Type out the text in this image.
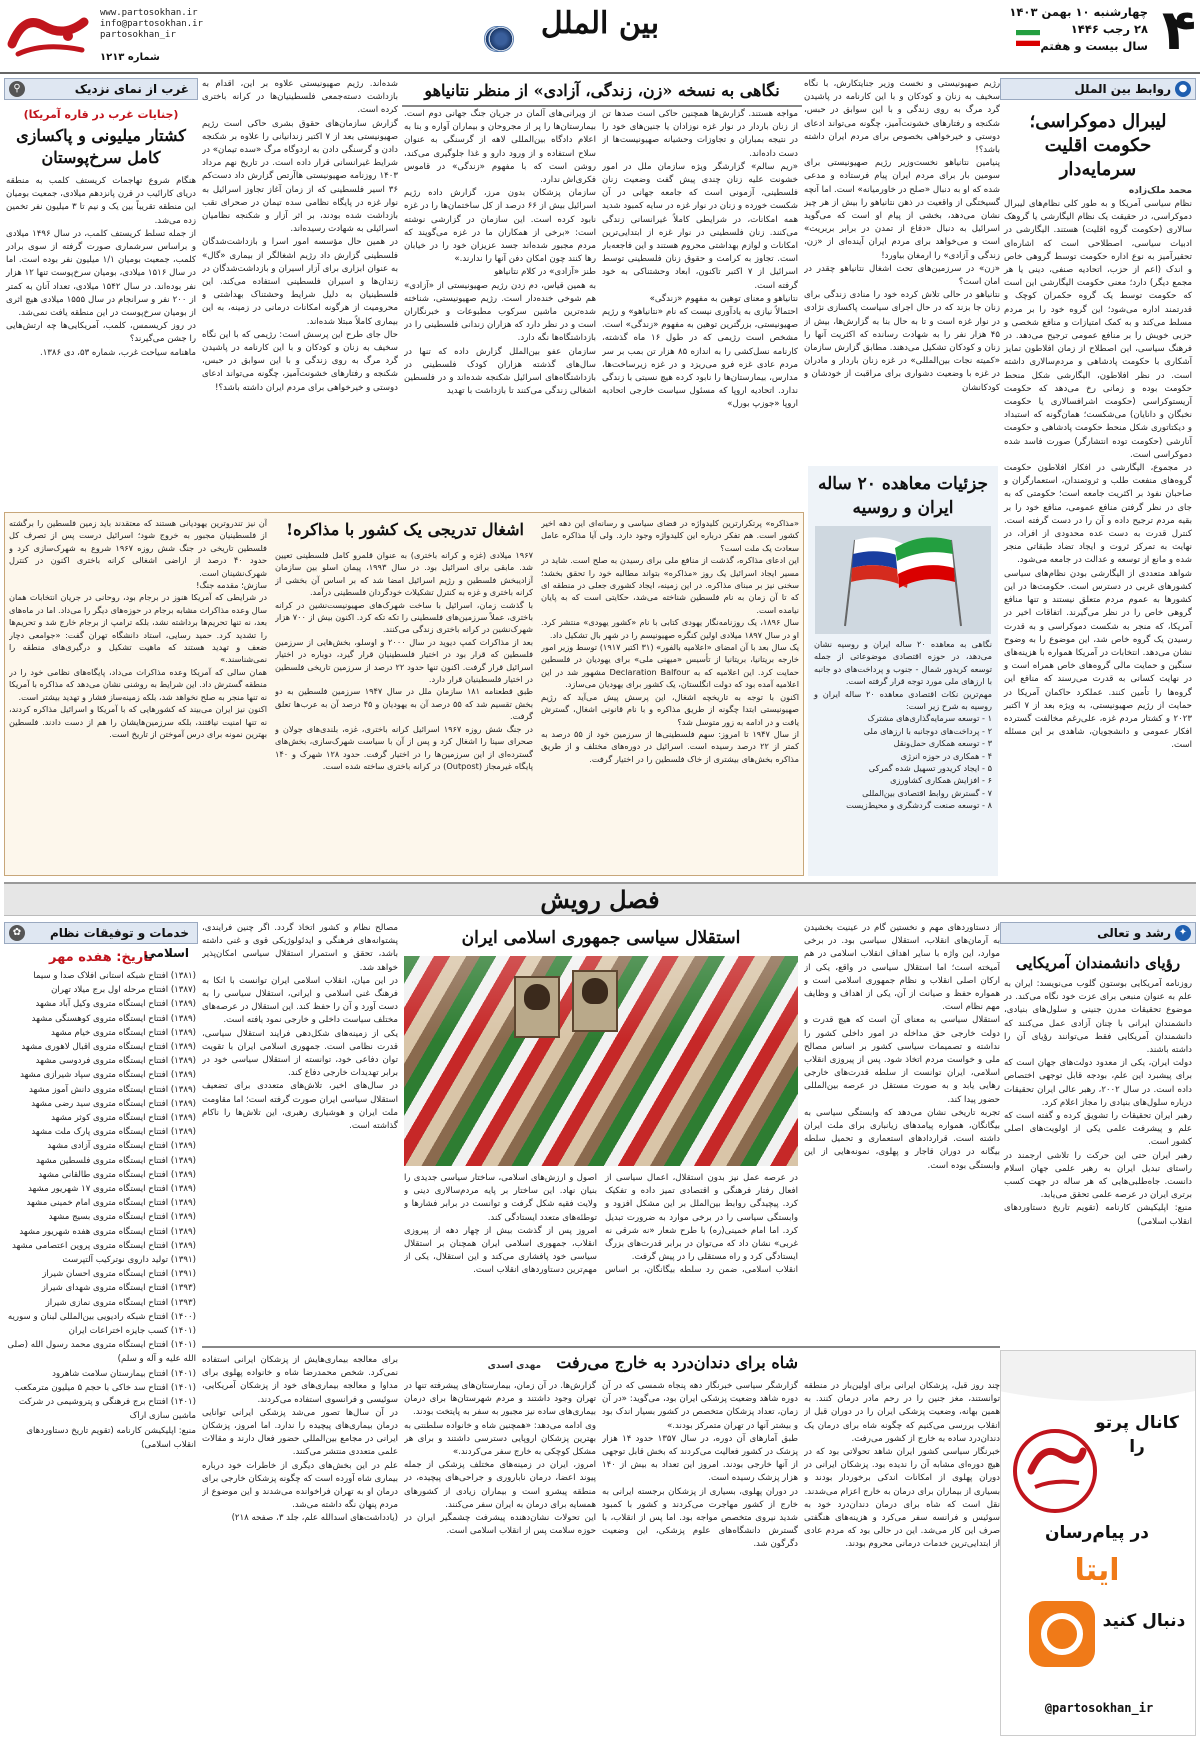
۴
چهارشنبه ۱۰ بهمن ۱۴۰۳
۲۸ رجب ۱۴۴۶
سال بیست و هفتم
بین الملل
www.partosokhan.ir
info@partosokhan.ir
partosokhan_ir
شماره ۱۲۱۳
●
روابط بین الملل
لیبرال دموکراسی؛ حکومت اقلیت سرمایه‌دار
محمد ملک‌زاده
نظام سیاسی آمریکا و به طور کلی نظام‌های لیبرال دموکراسی، در حقیقت یک نظام الیگارشی یا گروهک سالاری (حکومت گروه اقلیت) هستند. الیگارشی در ادبیات سیاسی، اصطلاحی است که اشاره‌ای تحقیرآمیز به نوع اداره حکومت توسط گروهی خاص و اندک (اعم از حزب، اتحادیه صنفی، دینی یا هر مجمع دیگر) دارد؛ معنی حکومت الیگارشی این است که حکومت توسط یک گروه حکمران کوچک و قدرتمند اداره می‌شود؛ این گروه خود را بر مردم مسلط می‌کند و به کمک امتیازات و منافع شخصی و حزبی خویش را بر منافع عمومی ترجیح می‌دهد. در فرهنگ سیاسی، این اصطلاح از زمان افلاطون تمایز آشکاری با حکومت پادشاهی و مردم‌سالاری داشته است. در نظر افلاطون، الیگارشی شکل منحط حکومت بوده و زمانی رخ می‌دهد که حکومت آریستوکراسی (حکومت اشرافسالاری یا حکومت نخبگان و دانایان) می‌شکست؛ همان‌گونه که استبداد و دیکتاتوری شکل منحط حکومت پادشاهی و حکومت آنارشی (حکومت توده انتشارگر) صورت فاسد شده دموکراسی است.
در مجموع، الیگارشی در افکار افلاطون حکومت گروه‌های منفعت طلب و ثروتمندان، استعمارگران و صاحبان نفوذ بر اکثریت جامعه است؛ حکومتی که به جای در نظر گرفتن منافع عمومی، منافع خود را بر بقیه مردم ترجیح داده و آن را در دست گرفته است. کنترل قدرت به دست عده محدودی از افراد، در نهایت به تمرکز ثروت و ایجاد تضاد طبقاتی منجر شده و مانع از توسعه و عدالت در جامعه می‌شود.
شواهد متعددی از الیگارشی بودن نظام‌های سیاسی کشورهای غربی در دسترس است. حکومت‌ها در این کشورها به عموم مردم متعلق نیستند و تنها منافع گروهی خاص را در نظر می‌گیرند. اتفاقات اخیر در آمریکا، که منجر به شکست دموکراسی و به قدرت رسیدن یک گروه خاص شد، این موضوع را به وضوح نشان می‌دهد. انتخابات در آمریکا همواره با هزینه‌های سنگین و حمایت مالی گروه‌های خاص همراه است و در نهایت کسانی به قدرت می‌رسند که منافع این گروه‌ها را تأمین کنند. عملکرد حاکمان آمریکا در حمایت از رژیم صهیونیستی، به ویژه بعد از ۷ اکتبر ۲۰۲۳ و کشتار مردم غزه، علی‌رغم مخالفت گسترده افکار عمومی و دانشجویان، شاهدی بر این مسئله است.
نگاهی به نسخه «زن، زندگی، آزادی» از منظر نتانیاهو	رژیم صهیونیستی و نخست وزیر جنایتکارش، با نگاه سخیف به زنان و کودکان و با این کارنامه در پاشیدن گرد مرگ به روی زندگی و با این سوابق در حبس، شکنجه و رفتارهای خشونت‌آمیز، چگونه می‌تواند ادعای دوستی و خیرخواهی بخصوص برای مردم ایران داشته باشد؟!
پنیامین نتانیاهو نخست‌وزیر رژیم صهیونیستی برای سومین بار برای مردم ایران پیام فرستاده و مدعی شده که او به دنبال «صلح در خاورمیانه» است. اما آنچه گسیختگی از واقعیت در ذهن نتانیاهو را بیش از هر چیز نشان می‌دهد، بخشی از پیام او است که می‌گوید اسرائیل به دنبال «دفاع از تمدن در برابر بربریت» است و می‌خواهد برای مردم ایران آینده‌ای از «زن، زندگی و آزادی» را ارمغان بیاورد!
«زن» در سرزمین‌های تحت اشغال نتانیاهو چقدر در امان است؟
نتانیاهو در حالی تلاش کرده خود را منادی زندگی برای زنان جا بزند که در حال اجرای سیاست پاکسازی نژادی در نوار غزه است و تا به حال بنا به گزارش‌ها، بیش از ۴۵ هزار نفر را به شهادت رسانده که اکثریت آنها را زنان و کودکان تشکیل می‌دهند. مطابق گزارش سازمان «کمیته نجات بین‌المللی» در غزه زنان باردار و مادران در غزه با وضعیت دشواری برای مراقبت از خودشان و کودکانشان
مواجه هستند. گزارش‌ها همچنین حاکی است صدها تن از زنان باردار در نوار غزه نوزادان یا جنین‌های خود را در نتیجه بمباران و تجاوزات وحشیانه صهیونیست‌ها از دست داده‌اند.
«ریم سالم» گزارشگر ویژه سازمان ملل در امور خشونت علیه زنان چندی پیش گفت وضعیت زنان فلسطینی، آزمونی است که جامعه جهانی در آن شکست خورده و زنان در نوار غزه در سایه کمبود شدید همه امکانات، در شرایطی کاملاً غیرانسانی زندگی می‌کنند. زنان فلسطینی در نوار غزه از ابتدایی‌ترین امکانات و لوازم بهداشتی محروم هستند و این فاجعه‌بار است. تجاوز به کرامت و حقوق زنان فلسطینی توسط اسرائیل از ۷ اکتبر تاکنون، ابعاد وحشتناکی به خود گرفته است.
نتانیاهو و معنای توهین به مفهوم «زندگی»
احتمالاً نیازی به یادآوری نیست که نام «نتانیاهو» و رژیم صهیونیستی، بزرگترین توهین به مفهوم «زندگی» است. مشخص است رژیمی که در طول ۱۶ ماه گذشته، کارنامه نسل‌کشی را به اندازه ۸۵ هزار تن بمب بر سر مردم عادی غزه فرو می‌ریزد و در غزه زیرساخت‌ها، مدارس، بیمارستان‌ها را نابود کرده هیچ نسبتی با زندگی ندارد. اتحادیه اروپا که مسئول سیاست خارجی اتحادیه اروپا «جوزپ بورل»
از ویرانی‌های آلمان در جریان جنگ جهانی دوم است. بیمارستان‌ها را پر از مجروحان و بیماران آواره و بنا به اعلام دادگاه بین‌المللی لاهه از گرسنگی به عنوان سلاح استفاده و از ورود دارو و غذا جلوگیری می‌کند، روشن است که با مفهوم «زندگی» در قاموس فکری‌اش ندارد.
سازمان پزشکان بدون مرز، گزارش داده رژیم اسرائیل بیش از ۶۶ درصد از کل ساختمان‌ها را در غزه نابود کرده است. این سازمان در گزارشی نوشته است: «برخی از همکاران ما در غزه می‌گویند که مردم مجبور شده‌اند جسد عزیزان خود را در خیابان رها کنند چون امکان دفن آنها را ندارند.»
طنز «آزادی» در کلام نتانیاهو
به همین قیاس، دم زدن رژیم صهیونیستی از «آزادی» هم شوخی خنده‌دار است. رژیم صهیونیستی، شناخته شده‌ترین ماشین سرکوب مطبوعات و خبرنگاران است و در نظر دارد که هزاران زندانی فلسطینی را در بازداشتگاه‌ها نگه دارد.
سازمان عفو بین‌الملل گزارش داده که تنها در سال‌های گذشته هزاران کودک فلسطینی در بازداشتگاه‌های اسرائیل شکنجه شده‌اند و در فلسطین اشغالی زندگی می‌کنند تا بازداشت با تهدید
شده‌اند. رژیم صهیونیستی علاوه بر این، اقدام به بازداشت دسته‌جمعی فلسطینیان‌ها در کرانه باختری کرده است.
گزارش سازمان‌های حقوق بشری حاکی است رژیم صهیونیستی بعد از ۷ اکتبر زندانیانی را علاوه بر شکنجه دادن و گرسنگی دادن به اردوگاه مرگ «سده تیمان» در شرایط غیرانسانی قرار داده است. در تاریخ نهم مرداد ۱۴۰۳ روزنامه صهیونیستی هاآرتص گزارش داد دست‌کم ۳۶ اسیر فلسطینی که از زمان آغاز تجاوز اسرائیل به نوار غزه در پایگاه نظامی سده تیمان در صحرای نقب بازداشت شده بودند، بر اثر آزار و شکنجه نظامیان اسرائیلی به شهادت رسیده‌اند.
در همین حال مؤسسه امور اسرا و بازداشت‌شدگان فلسطینی گزارش داد رژیم اشغالگر از بیماری «گال» به عنوان ابزاری برای آزار اسیران و بازداشت‌شدگان در زندان‌ها و اسیران فلسطینی استفاده می‌کند. این فلسطینیان به دلیل شرایط وحشتناک بهداشتی و محرومیت از هرگونه امکانات درمانی در زمینه، به این بیماری کاملاً مبتلا شده‌اند.
حال جای طرح این پرسش است: رژیمی که با این نگاه سخیف به زنان و کودکان و با این کارنامه در پاشیدن گرد مرگ به روی زندگی و با این سوابق در حبس، شکنجه و رفتارهای خشونت‌آمیز، چگونه می‌تواند ادعای دوستی و خیرخواهی برای مردم ایران داشته باشد؟!
⚲	غرب از نمای نزدیک
(جنایات غرب در قاره آمریکا)
کشتار میلیونی و پاکسازی کامل سرخ‌پوستان
هنگام شروع تهاجمات کریستف کلمب به منطقه دریای کارائیب در قرن پانزدهم میلادی، جمعیت بومیان این منطقه تقریباً بین یک و نیم تا ۳ میلیون نفر تخمین زده می‌شد.
از جمله تسلط کریستف کلمب، در سال ۱۴۹۶ میلادی و براساس سرشماری صورت گرفته از سوی برادر کلمب، جمعیت بومیان ۱/۱ میلیون نفر بوده است. اما در سال ۱۵۱۶ میلادی، بومیان سرخ‌پوست تنها ۱۲ هزار نفر بوده‌اند. در سال ۱۵۴۲ میلادی، تعداد آنان به کمتر از ۲۰۰ نفر و سرانجام در سال ۱۵۵۵ میلادی هیچ اثری از بومیان سرخ‌پوست در این منطقه یافت نمی‌شد.
در روز کریسمس، کلمب، آمریکایی‌ها چه ارتش‌هایی را جشن می‌گیرند؟
ماهنامه سیاحت غرب، شماره ۵۳، دی ۱۳۸۶.
جزئیات معاهده ۲۰ ساله ایران و روسیه
نگاهی به معاهده ۲۰ ساله ایران و روسیه نشان می‌دهد، در حوزه اقتصادی موضوعاتی از جمله توسعه کریدور شمال - جنوب و پرداخت‌های دو جانبه با ارزهای ملی مورد توجه قرار گرفته است.
مهم‌ترین نکات اقتصادی معاهده ۲۰ ساله ایران و روسیه به شرح زیر است:
۱ - توسعه سرمایه‌گذاری‌های مشترک
۲ - پرداخت‌های دوجانبه با ارزهای ملی
۳ - توسعه همکاری حمل‌ونقل
۴ - همکاری در حوزه انرژی
۵ - ایجاد کریدور تسهیل شده گمرکی
۶ - افزایش همکاری کشاورزی
۷ - گسترش روابط اقتصادی بین‌المللی
۸ - توسعه صنعت گردشگری و محیط‌زیست
اشغال تدریجی یک کشور با مذاکره!	«مذاکره» پرتکرارترین کلیدواژه در فضای سیاسی و رسانه‌ای این دهه اخیر کشور است. هم تفکر درباره این کلیدواژه وجود دارد. ولی آیا مذاکره عامل سعادت یک ملت است؟
این ادعای مذاکره، گذشت از منافع ملی برای رسیدن به صلح است. شاید در مسیر ایجاد اسرائیل یک روز «مذاکره» بتواند مطالبه خود را تحقق بخشد؛ سخنی نیز بر مبنای مذاکره. در این زمینه، ایجاد کشوری جعلی در منطقه ای که تا آن زمان به نام فلسطین شناخته می‌شد، حکایتی است که به پایان نیامده است.
سال ۱۸۹۶، یک روزنامه‌نگار یهودی کتابی با نام «کشور یهودی» منتشر کرد. او در سال ۱۸۹۷ میلادی اولین کنگره صهیونیسم را در شهر بال تشکیل داد.
یک سال بعد با آن امضای «اعلامیه بالفور» (۳۱ اکتبر ۱۹۱۷) توسط وزیر امور خارجه بریتانیا، بریتانیا از تأسیس «میهنی ملی» برای یهودیان در فلسطین حمایت کرد. این اعلامیه که به Declaration Balfour مشهور شد در این اعلامیه آمده بود که دولت انگلستان، یک کشور برای یهودیان می‌سازد.
اکنون با توجه به تاریخچه اشغال، این پرسش پیش می‌آید که رژیم صهیونیستی ابتدا چگونه از طریق مذاکره و با نام قانونی اشغال، گسترش یافت و در ادامه به زور متوسل شد؟
از سال ۱۹۴۷ تا امروز: سهم فلسطینی‌ها از سرزمین خود از ۵۵ درصد به کمتر از ۲۲ درصد رسیده است. اسرائیل در دوره‌های مختلف و از طریق مذاکره بخش‌های بیشتری از خاک فلسطین را در اختیار گرفت.
۱۹۶۷ میلادی (غزه و کرانه باختری) به عنوان قلمرو کامل فلسطینی تعیین شد. مابقی برای اسرائیل بود. در سال ۱۹۹۳، پیمان اسلو بین سازمان آزادیبخش فلسطین و رژیم اسرائیل امضا شد که بر اساس آن بخشی از کرانه باختری و غزه به کنترل تشکیلات خودگردان فلسطینی درآمد.
با گذشت زمان، اسرائیل با ساخت شهرک‌های صهیونیست‌نشین در کرانه باختری، عملاً سرزمین‌های فلسطینی را تکه تکه کرد. اکنون بیش از ۷۰۰ هزار شهرک‌نشین در کرانه باختری زندگی می‌کنند.
بعد از مذاکرات کمپ دیوید در سال ۲۰۰۰ و اوسلو، بخش‌هایی از سرزمین فلسطین که قرار بود در اختیار فلسطینیان قرار گیرد، دوباره در اختیار اسرائیل قرار گرفت. اکنون تنها حدود ۲۲ درصد از سرزمین تاریخی فلسطین در اختیار فلسطینیان قرار دارد.
طبق قطعنامه ۱۸۱ سازمان ملل در سال ۱۹۴۷ سرزمین فلسطین به دو بخش تقسیم شد که ۵۵ درصد آن به یهودیان و ۴۵ درصد آن به عرب‌ها تعلق گرفت.
در جنگ شش روزه ۱۹۶۷ اسرائیل کرانه باختری، غزه، بلندی‌های جولان و صحرای سینا را اشغال کرد و پس از آن با سیاست شهرک‌سازی، بخش‌های گسترده‌ای از این سرزمین‌ها را در اختیار گرفت. حدود ۱۲۸ شهرک و ۱۴۰ پایگاه غیرمجاز (Outpost) در کرانه باختری ساخته شده است.
آن نیز تندروترین یهودیانی هستند که معتقدند باید زمین فلسطین را برگشته از فلسطینیان مجبور به خروج شود؛ اسرائیل درست پس از تصرف کل فلسطین تاریخی در جنگ شش روزه ۱۹۶۷ شروع به شهرک‌سازی کرد و حدود ۴۰ درصد از اراضی اشغالی کرانه باختری اکنون در کنترل شهرک‌نشینان است.
سازش؛ مقدمه جنگ!
در شرایطی که آمریکا هنوز در برجام بود، روحانی در جریان انتخابات همان سال وعده مذاکرات مشابه برجام در حوزه‌های دیگر را می‌داد. اما در ماه‌های بعد، نه تنها تحریم‌ها برداشته نشد، بلکه ترامپ از برجام خارج شد و تحریم‌ها را تشدید کرد. حمید رسایی، استاد دانشگاه تهران گفت: «جوامعی دچار ضعف و تهدید هستند که ماهیت تشکیل و درگیری‌های منطقه را نمی‌شناسند.»
همان سالی که آمریکا وعده مذاکرات می‌داد، پایگاه‌های نظامی خود را در منطقه گسترش داد. این شرایط به روشنی نشان می‌دهد که مذاکره با آمریکا نه تنها منجر به صلح نخواهد شد، بلکه زمینه‌ساز فشار و تهدید بیشتر است.
اکنون نیز ایران می‌بیند که کشورهایی که با آمریکا و اسرائیل مذاکره کردند، نه تنها امنیت نیافتند، بلکه سرزمین‌هایشان را هم از دست دادند. فلسطین بهترین نمونه برای درس آموختن از تاریخ است.
فصل رویش
✦
رشد و تعالی
رؤیای دانشمندان آمریکایی
روزنامه آمریکایی بوستون گلوب می‌نویسد: ایران به علم به عنوان منبعی برای عزت خود نگاه می‌کند. در موضوع تحقیقات مدرن جنینی و سلول‌های بنیادی، دانشمندان ایرانی با چنان آزادی عمل می‌کنند که دانشمندان آمریکایی فقط می‌توانند رؤیای آن را داشته باشند.
دولت ایران، یکی از معدود دولت‌های جهان است که برای پیشبرد این علم، بودجه قابل توجهی اختصاص داده است. در سال ۲۰۰۲، رهبر عالی ایران تحقیقات درباره سلول‌های بنیادی را مجاز اعلام کرد.
رهبر ایران تحقیقات را تشویق کرده و گفته است که علم و پیشرفت علمی یکی از اولویت‌های اصلی کشور است.
رهبر ایران حتی این حرکت را تلاشی ارجمند در راستای تبدیل ایران به رهبر علمی جهان اسلام دانست. جاه‌طلبی‌هایی که هر ساله در جهت کسب برتری ایران در عرصه علمی تحقق می‌یابد.
منبع: اپلیکیشن کارنامه (تقویم تاریخ دستاوردهای انقلاب اسلامی)
کانال پرتو را
در پیام‌رسان
ایتا
دنبال کنید
@partosokhan_ir
از دستاوردهای مهم و نخستین گام در عینیت بخشیدن به آرمان‌های انقلاب، استقلال سیاسی بود. در برخی موارد، این واژه با سایر اهداف انقلاب اسلامی در هم آمیخته است؛ اما استقلال سیاسی در واقع، یکی از ارکان اصلی انقلاب و نظام جمهوری اسلامی است و همواره حفظ و صیانت از آن، یکی از اهداف و وظایف مهم نظام است.
استقلال سیاسی به معنای آن است که هیچ قدرت و دولت خارجی حق مداخله در امور داخلی کشور را نداشته و تصمیمات سیاسی کشور بر اساس مصالح ملی و خواست مردم اتخاذ شود. پس از پیروزی انقلاب اسلامی، ایران توانست از سلطه قدرت‌های خارجی رهایی یابد و به صورت مستقل در عرصه بین‌المللی حضور پیدا کند.
تجربه تاریخی نشان می‌دهد که وابستگی سیاسی به بیگانگان، همواره پیامدهای زیانباری برای ملت ایران داشته است. قرارداد‌های استعماری و تحمیل سلطه بیگانه در دوران قاجار و پهلوی، نمونه‌هایی از این وابستگی بوده است.
استقلال سیاسی جمهوری اسلامی ایران
در عرصه عمل نیز بدون استقلال، اعمال سیاسی از افعال رفتار فرهنگی و اقتصادی تمیز داده و تفکیک کرد. پیچیدگی روابط بین‌الملل بر این مشکل افزود و وابستگی سیاسی را در برخی موارد به ضرورت تبدیل کرد. اما امام خمینی(ره) با طرح شعار «نه شرقی نه غربی» نشان داد که می‌توان در برابر قدرت‌های بزرگ ایستادگی کرد و راه مستقلی را در پیش گرفت.
انقلاب اسلامی، ضمن رد سلطه بیگانگان، بر اساس اصول و ارزش‌های اسلامی، ساختار سیاسی جدیدی را بنیان نهاد. این ساختار بر پایه مردم‌سالاری دینی و ولایت فقیه شکل گرفت و توانست در برابر فشارها و توطئه‌های متعدد ایستادگی کند.
امروز پس از گذشت بیش از چهار دهه از پیروزی انقلاب، جمهوری اسلامی ایران همچنان بر استقلال سیاسی خود پافشاری می‌کند و این استقلال، یکی از مهم‌ترین دستاوردهای انقلاب است.
مصالح نظام و کشور اتخاذ گردد. اگر چنین فرایندی، پشتوانه‌های فرهنگی و ایدئولوژیکی قوی و غنی داشته باشد، تحقق و استمرار استقلال سیاسی امکان‌پذیر خواهد شد.
در این میان، انقلاب اسلامی ایران توانست با اتکا به فرهنگ غنی اسلامی و ایرانی، استقلال سیاسی را به دست آورد و آن را حفظ کند. این استقلال در عرصه‌های مختلف سیاست داخلی و خارجی نمود یافته است.
یکی از زمینه‌های شکل‌دهی فرایند استقلال سیاسی، قدرت نظامی است. جمهوری اسلامی ایران با تقویت توان دفاعی خود، توانسته از استقلال سیاسی خود در برابر تهدیدات خارجی دفاع کند.
در سال‌های اخیر، تلاش‌های متعددی برای تضعیف استقلال سیاسی ایران صورت گرفته است؛ اما مقاومت ملت ایران و هوشیاری رهبری، این تلاش‌ها را ناکام گذاشته است.
شاه برای دندان‌درد به خارج می‌رفت مهدی اسدی
چند روز قبل، پزشکان ایرانی برای اولین‌بار در منطقه توانستند، مغز جنین را در رحم مادر درمان کنند. به همین بهانه، وضعیت پزشکی ایران را در دوران قبل از انقلاب بررسی می‌کنیم که چگونه شاه برای درمان یک دندان‌درد ساده به خارج از کشور می‌رفت.
خبرنگار سیاسی کشور ایران شاهد تحولاتی بود که در هیچ دوره‌ای مشابه آن را ندیده بود. پزشکان ایرانی در دوران پهلوی از امکانات اندکی برخوردار بودند و بسیاری از بیماران برای درمان به خارج اعزام می‌شدند.
نقل است که شاه برای درمان دندان‌درد خود به سوئیس و فرانسه سفر می‌کرد و هزینه‌های هنگفتی صرف این کار می‌شد. این در حالی بود که مردم عادی از ابتدایی‌ترین خدمات درمانی محروم بودند.
گزارشگر سیاسی خبرنگار دهه پنجاه شمسی که در آن دوره شاهد وضعیت پزشکی ایران بود، می‌گوید: «در آن زمان، تعداد پزشکان متخصص در کشور بسیار اندک بود و بیشتر آنها در تهران متمرکز بودند.»
طبق آمارهای آن دوره، در سال ۱۳۵۷ حدود ۱۴ هزار پزشک در کشور فعالیت می‌کردند که بخش قابل توجهی از آنها خارجی بودند. امروز این تعداد به بیش از ۱۴۰ هزار پزشک رسیده است.
در دوران پهلوی، بسیاری از پزشکان برجسته ایرانی به خارج از کشور مهاجرت می‌کردند و کشور با کمبود شدید نیروی متخصص مواجه بود. اما پس از انقلاب، با گسترش دانشگاه‌های علوم پزشکی، این وضعیت دگرگون شد.
گزارش‌ها. در آن زمان، بیمارستان‌های پیشرفته تنها در تهران وجود داشتند و مردم شهرستان‌ها برای درمان بیماری‌های ساده نیز مجبور به سفر به پایتخت بودند.
وی ادامه می‌دهد: «همچنین شاه و خانواده سلطنتی به بهترین پزشکان اروپایی دسترسی داشتند و برای هر مشکل کوچکی به خارج سفر می‌کردند.»
امروز، ایران در زمینه‌های مختلف پزشکی از جمله پیوند اعضا، درمان ناباروری و جراحی‌های پیچیده، در منطقه پیشرو است و بیماران زیادی از کشورهای همسایه برای درمان به ایران سفر می‌کنند.
این تحولات نشان‌دهنده پیشرفت چشمگیر ایران در حوزه سلامت پس از انقلاب اسلامی است.
برای معالجه بیماری‌هایش از پزشکان ایرانی استفاده نمی‌کرد. شخص محمدرضا شاه و خانواده پهلوی برای مداوا و معالجه بیماری‌های خود از پزشکان آمریکایی، سوئیسی و فرانسوی استفاده می‌کردند.
در آن سال‌ها تصور می‌شد پزشکی ایرانی توانایی درمان بیماری‌های پیچیده را ندارد. اما امروز، پزشکان ایرانی در مجامع بین‌المللی حضور فعال دارند و مقالات علمی متعددی منتشر می‌کنند.
علم در این بخش‌های دیگری از خاطرات خود درباره بیماری شاه آورده است که چگونه پزشکان خارجی برای درمان او به تهران فراخوانده می‌شدند و این موضوع از مردم پنهان نگه داشته می‌شد.
(یادداشت‌های اسدالله علم، جلد ۳، صفحه ۲۱۸)
✿	خدمات و توفیقات نظام اسلامی
تاریخ: هفده مهر
(۱۳۸۱) افتتاح شبکه استانی افلاک صدا و سیما
(۱۳۸۷) افتتاح مرحله اول برج میلاد تهران
(۱۳۸۹) افتتاح ایستگاه متروی وکیل آباد مشهد
(۱۳۸۹) افتتاح ایستگاه متروی کوهسنگی مشهد
(۱۳۸۹) افتتاح ایستگاه متروی خیام مشهد
(۱۳۸۹) افتتاح ایستگاه متروی اقبال لاهوری مشهد
(۱۳۸۹) افتتاح ایستگاه متروی فردوسی مشهد
(۱۳۸۹) افتتاح ایستگاه متروی سپاد شیرازی مشهد
(۱۳۸۹) افتتاح ایستگاه متروی دانش آموز مشهد
(۱۳۸۹) افتتاح ایستگاه متروی سید رضی مشهد
(۱۳۸۹) افتتاح ایستگاه متروی کوثر مشهد
(۱۳۸۹) افتتاح ایستگاه متروی پارک ملت مشهد
(۱۳۸۹) افتتاح ایستگاه متروی آزادی مشهد
(۱۳۸۹) افتتاح ایستگاه متروی فلسطین مشهد
(۱۳۸۹) افتتاح ایستگاه متروی طالقانی مشهد
(۱۳۸۹) افتتاح ایستگاه متروی ۱۷ شهریور مشهد
(۱۳۸۹) افتتاح ایستگاه متروی امام خمینی مشهد
(۱۳۸۹) افتتاح ایستگاه متروی بسیج مشهد
(۱۳۸۹) افتتاح ایستگاه متروی هفده شهریور مشهد
(۱۳۸۹) افتتاح ایستگاه متروی پروین اعتصامی مشهد
(۱۳۹۱) تولید داروی نوترکیب آلتپرست
(۱۳۹۱) افتتاح ایستگاه متروی احسان شیراز
(۱۳۹۳) افتتاح ایستگاه متروی شهدای شیراز
(۱۳۹۳) افتتاح ایستگاه متروی نمازی شیراز
(۱۴۰۰) افتتاح شبکه رادیویی بین‌المللی لبنان و سوریه
(۱۴۰۱) کسب جایزه اختراعات ایران
(۱۴۰۱) افتتاح ایستگاه متروی محمد رسول الله (صلی الله علیه و آله و سلم)
(۱۴۰۱) افتتاح بیمارستان سلامت شاهرود
(۱۴۰۱) افتتاح سد خاکی با حجم ۵ میلیون مترمکعب
(۱۴۰۱) افتتاح برج فرهنگی و پتروشیمی در شرکت ماشین سازی اراک
منبع: اپلیکیشن کارنامه (تقویم تاریخ دستاوردهای انقلاب اسلامی)
